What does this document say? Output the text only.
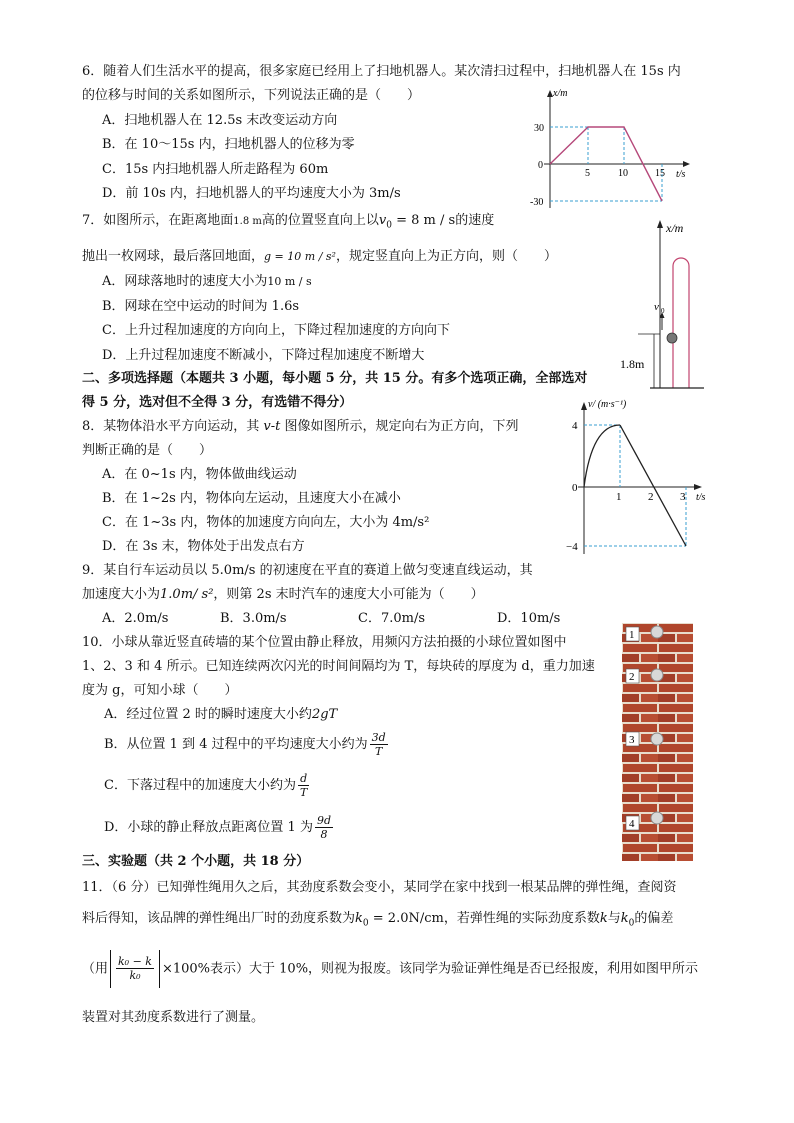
6．随着人们生活水平的提高，很多家庭已经用上了扫地机器人。某次清扫过程中，扫地机器人在 15s 内
的位移与时间的关系如图所示，下列说法正确的是（　　）
A．扫地机器人在 12.5s 末改变运动方向
B．在 10～15s 内，扫地机器人的位移为零
C．15s 内扫地机器人所走路程为 60m
D．前 10s 内，扫地机器人的平均速度大小为 3m/s
x/m
t/s
0
30
-30
5	10	15
7．如图所示，在距离地面1.8 m高的位置竖直向上以$v_0 = 8$ m / s的速度
抛出一枚网球，最后落回地面，g = 10 m / s²，规定竖直向上为正方向，则（　　）
A．网球落地时的速度大小为10 m / s
B．网球在空中运动的时间为 1.6s
C．上升过程加速度的方向向上，下降过程加速度的方向向下
D．上升过程加速度不断减小，下降过程加速度不断增大
x/m
v 0
1.8m
二、多项选择题（本题共 3 小题，每小题 5 分，共 15 分。有多个选项正确，全部选对
得 5 分，选对但不全得 3 分，有选错不得分）
8．某物体沿水平方向运动，其 v-t 图像如图所示，规定向右为正方向，下列
判断正确的是（　　）
A．在 0~1s 内，物体做曲线运动
B．在 1~2s 内，物体向左运动，且速度大小在减小
C．在 1~3s 内，物体的加速度方向向左，大小为 4m/s²
D．在 3s 末，物体处于出发点右方
v/ (m·s⁻¹)
t/s
0
4
−4
1 2 3
9．某自行车运动员以 5.0m/s 的初速度在平直的赛道上做匀变速直线运动，其
加速度大小为1.0m/ s²，则第 2s 末时汽车的速度大小可能为（　　）
A．2.0m/s	B．3.0m/s	C．7.0m/s	D．10m/s
10．小球从靠近竖直砖墙的某个位置由静止释放，用频闪方法拍摄的小球位置如图中
1、2、3 和 4 所示。已知连续两次闪光的时间间隔均为 T，每块砖的厚度为 d，重力加速
度为 g，可知小球（　　）
A．经过位置 2 时的瞬时速度大小约2gT
B．从位置 1 到 4 过程中的平均速度大小约为 $\frac{3d}{T}$
C．下落过程中的加速度大小约为 $\frac{d}{T}$
D．小球的静止释放点距离位置 1 为 $\frac{9d}{8}$
1
2
3
4
三、实验题（共 2 个小题，共 18 分）
11．（6 分）已知弹性绳用久之后，其劲度系数会变小，某同学在家中找到一根某品牌的弹性绳，查阅资
料后得知，该品牌的弹性绳出厂时的劲度系数为$k_0 = 2.0N/cm$，若弹性绳的实际劲度系数k与$k_0$的偏差
（用 $\frac{\text{k₀ − k}}{\text{k₀}} \times 100\%$表示）大于 10%，则视为报废。该同学为验证弹性绳是否已经报废，利用如图甲所示
装置对其劲度系数进行了测量。
